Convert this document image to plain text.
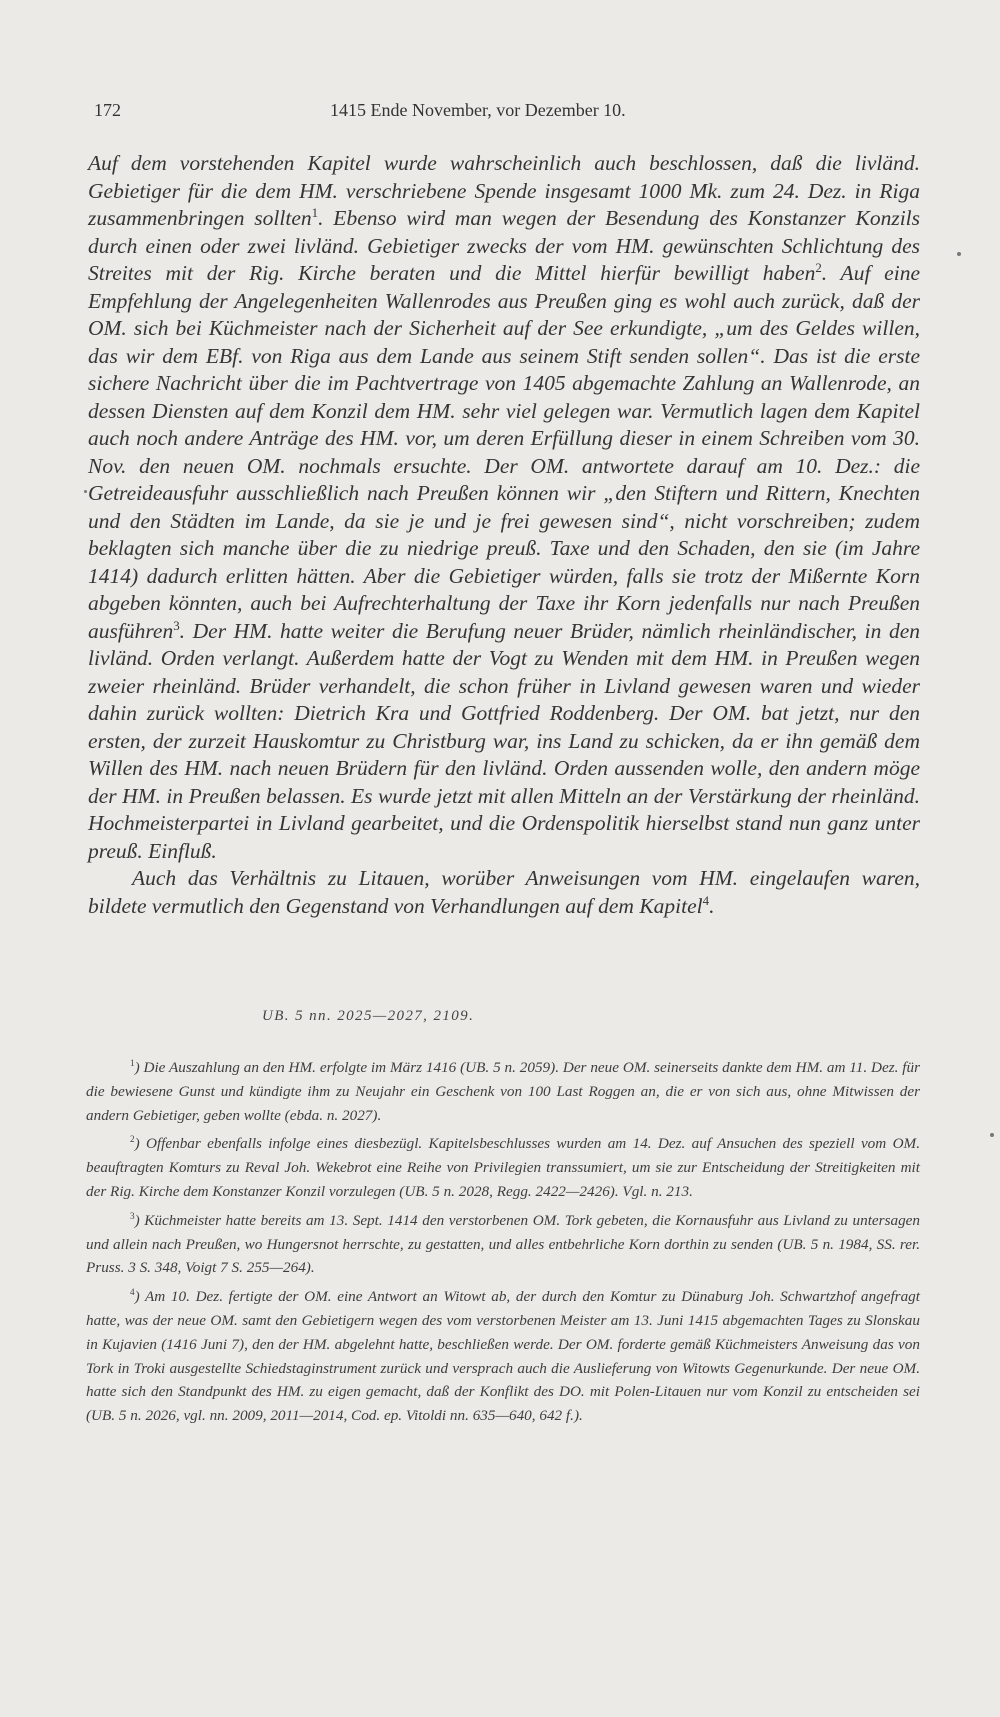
172	1415 Ende November, vor Dezember 10.

Auf dem vorstehenden Kapitel wurde wahrscheinlich auch beschlossen, daß die livländ. Gebietiger für die dem HM. verschriebene Spende insgesamt 1000 Mk. zum 24. Dez. in Riga zusammenbringen sollten$^1$. Ebenso wird man wegen der Besendung des Konstanzer Konzils durch einen oder zwei livländ. Gebietiger zwecks der vom HM. gewünschten Schlichtung des Streites mit der Rig. Kirche beraten und die Mittel hierfür bewilligt haben$^2$. Auf eine Empfehlung der Angelegenheiten Wallenrodes aus Preußen ging es wohl auch zurück, daß der OM. sich bei Küchmeister nach der Sicherheit auf der See erkundigte, „um des Geldes willen, das wir dem EBf. von Riga aus dem Lande aus seinem Stift senden sollen“. Das ist die erste sichere Nachricht über die im Pachtvertrage von 1405 abgemachte Zahlung an Wallenrode, an dessen Diensten auf dem Konzil dem HM. sehr viel gelegen war. Vermutlich lagen dem Kapitel auch noch andere Anträge des HM. vor, um deren Erfüllung dieser in einem Schreiben vom 30. Nov. den neuen OM. nochmals ersuchte. Der OM. antwortete darauf am 10. Dez.: die Getreideausfuhr ausschließlich nach Preußen können wir „den Stiftern und Rittern, Knechten und den Städten im Lande, da sie je und je frei gewesen sind“, nicht vorschreiben; zudem beklagten sich manche über die zu niedrige preuß. Taxe und den Schaden, den sie (im Jahre 1414) dadurch erlitten hätten. Aber die Gebietiger würden, falls sie trotz der Mißernte Korn abgeben könnten, auch bei Aufrechterhaltung der Taxe ihr Korn jedenfalls nur nach Preußen ausführen$^3$. Der HM. hatte weiter die Berufung neuer Brüder, nämlich rheinländischer, in den livländ. Orden verlangt. Außerdem hatte der Vogt zu Wenden mit dem HM. in Preußen wegen zweier rheinländ. Brüder verhandelt, die schon früher in Livland gewesen waren und wieder dahin zurück wollten: Dietrich Kra und Gottfried Roddenberg. Der OM. bat jetzt, nur den ersten, der zurzeit Hauskomtur zu Christburg war, ins Land zu schicken, da er ihn gemäß dem Willen des HM. nach neuen Brüdern für den livländ. Orden aussenden wolle, den andern möge der HM. in Preußen belassen. Es wurde jetzt mit allen Mitteln an der Verstärkung der rheinländ. Hochmeisterpartei in Livland gearbeitet, und die Ordenspolitik hierselbst stand nun ganz unter preuß. Einfluß.

Auch das Verhältnis zu Litauen, worüber Anweisungen vom HM. eingelaufen waren, bildete vermutlich den Gegenstand von Verhandlungen auf dem Kapitel$^4$.

UB. 5 nn. 2025—2027, 2109.

$^1$) Die Auszahlung an den HM. erfolgte im März 1416 (UB. 5 n. 2059). Der neue OM. seinerseits dankte dem HM. am 11. Dez. für die bewiesene Gunst und kündigte ihm zu Neujahr ein Geschenk von 100 Last Roggen an, die er von sich aus, ohne Mitwissen der andern Gebietiger, geben wollte (ebda. n. 2027).

$^2$) Offenbar ebenfalls infolge eines diesbezügl. Kapitelsbeschlusses wurden am 14. Dez. auf Ansuchen des speziell vom OM. beauftragten Komturs zu Reval Joh. Wekebrot eine Reihe von Privilegien transsumiert, um sie zur Entscheidung der Streitigkeiten mit der Rig. Kirche dem Konstanzer Konzil vorzulegen (UB. 5 n. 2028, Regg. 2422—2426). Vgl. n. 213.

$^3$) Küchmeister hatte bereits am 13. Sept. 1414 den verstorbenen OM. Tork gebeten, die Kornausfuhr aus Livland zu untersagen und allein nach Preußen, wo Hungersnot herrschte, zu gestatten, und alles entbehrliche Korn dorthin zu senden (UB. 5 n. 1984, SS. rer. Pruss. 3 S. 348, Voigt 7 S. 255—264).

$^4$) Am 10. Dez. fertigte der OM. eine Antwort an Witowt ab, der durch den Komtur zu Dünaburg Joh. Schwartzhof angefragt hatte, was der neue OM. samt den Gebietigern wegen des vom verstorbenen Meister am 13. Juni 1415 abgemachten Tages zu Slonskau in Kujavien (1416 Juni 7), den der HM. abgelehnt hatte, beschließen werde. Der OM. forderte gemäß Küchmeisters Anweisung das von Tork in Troki ausgestellte Schiedstaginstrument zurück und versprach auch die Auslieferung von Witowts Gegenurkunde. Der neue OM. hatte sich den Standpunkt des HM. zu eigen gemacht, daß der Konflikt des DO. mit Polen-Litauen nur vom Konzil zu entscheiden sei (UB. 5 n. 2026, vgl. nn. 2009, 2011—2014, Cod. ep. Vitoldi nn. 635—640, 642 f.).
